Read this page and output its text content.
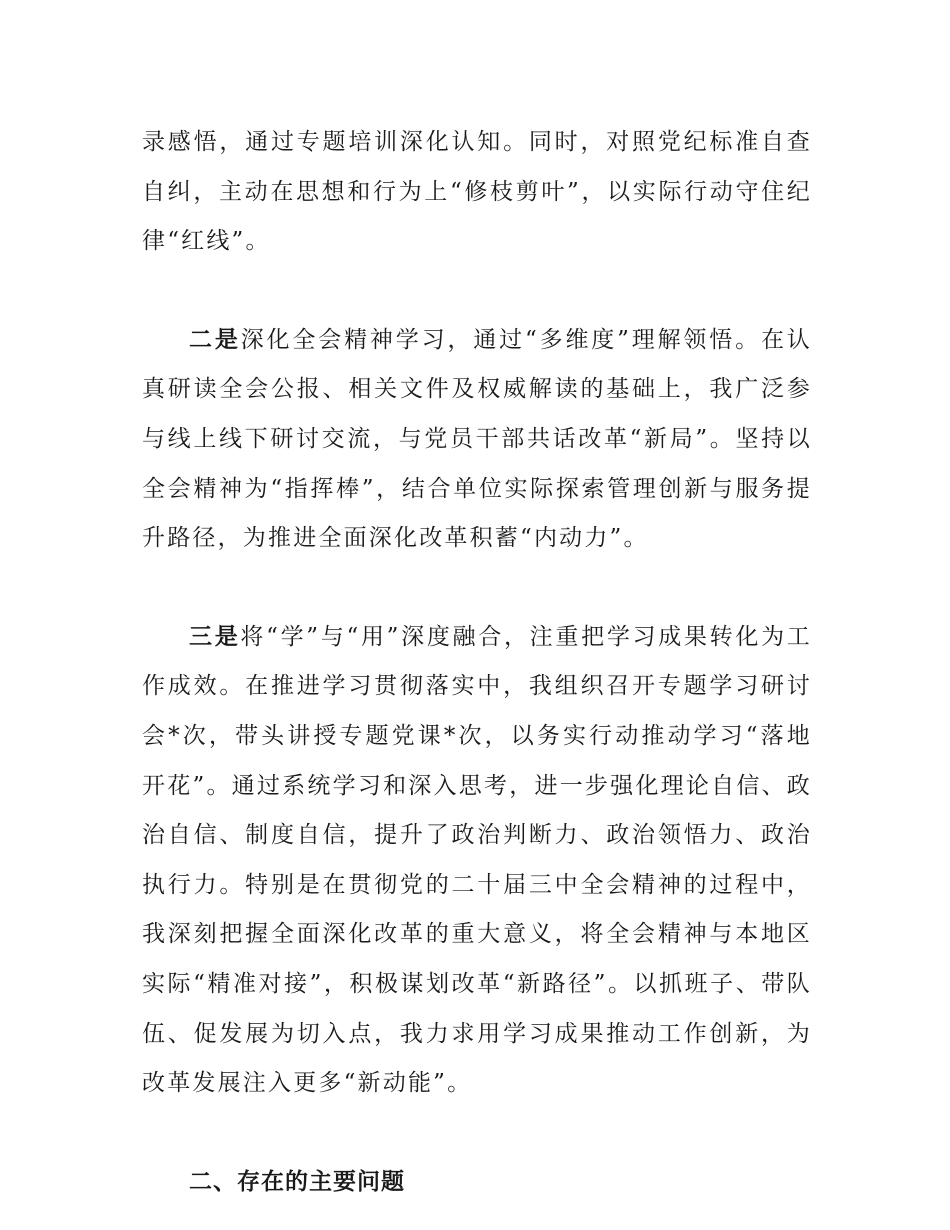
录感悟，通过专题培训深化认知。同时，对照党纪标准自查自纠，主动在思想和行为上“修枝剪叶”，以实际行动守住纪律“红线”。

二是深化全会精神学习，通过“多维度”理解领悟。在认真研读全会公报、相关文件及权威解读的基础上，我广泛参与线上线下研讨交流，与党员干部共话改革“新局”。坚持以全会精神为“指挥棒”，结合单位实际探索管理创新与服务提升路径，为推进全面深化改革积蓄“内动力”。

三是将“学”与“用”深度融合，注重把学习成果转化为工作成效。在推进学习贯彻落实中，我组织召开专题学习研讨会*次，带头讲授专题党课*次，以务实行动推动学习“落地开花”。通过系统学习和深入思考，进一步强化理论自信、政治自信、制度自信，提升了政治判断力、政治领悟力、政治执行力。特别是在贯彻党的二十届三中全会精神的过程中，我深刻把握全面深化改革的重大意义，将全会精神与本地区实际“精准对接”，积极谋划改革“新路径”。以抓班子、带队伍、促发展为切入点，我力求用学习成果推动工作创新，为改革发展注入更多“新动能”。

二、存在的主要问题
